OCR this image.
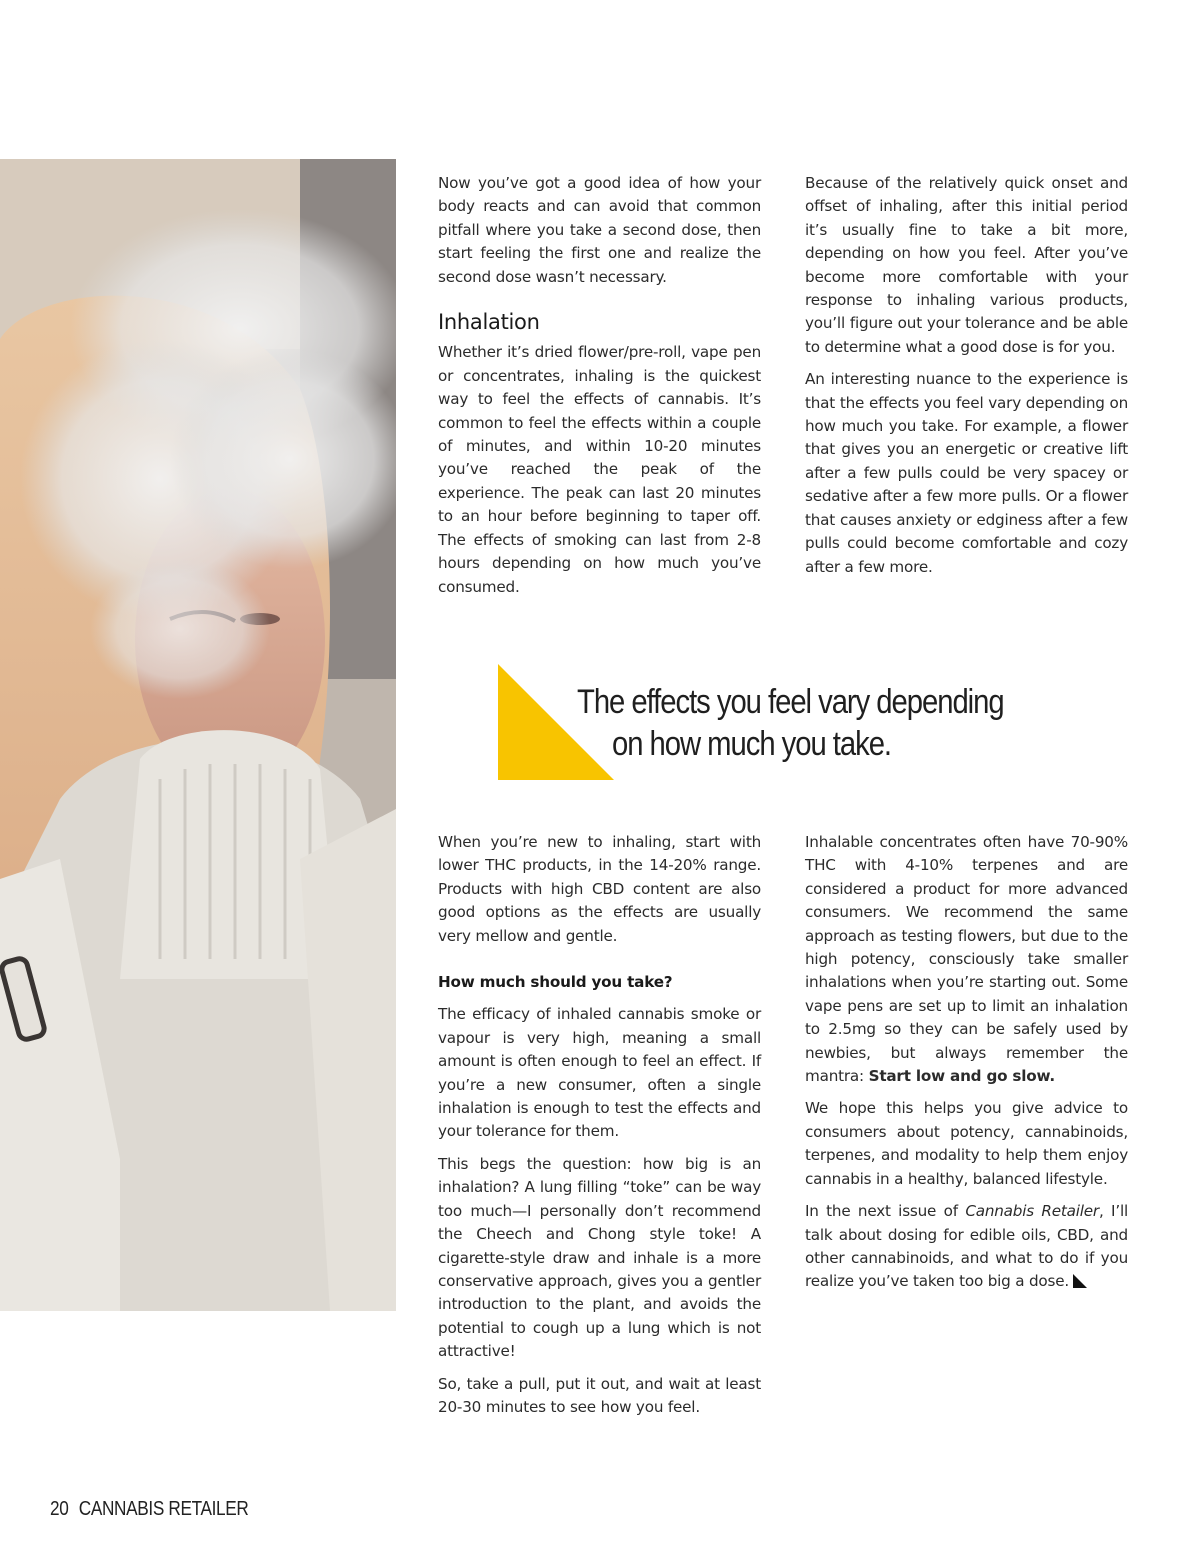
Now you’ve got a good idea of how your body reacts and can avoid that common pitfall where you take a second dose, then start feeling the first one and realize the second dose wasn’t necessary.

Inhalation

Whether it’s dried flower/pre-roll, vape pen or concentrates, inhaling is the quickest way to feel the effects of cannabis. It’s common to feel the effects within a couple of minutes, and within 10-20 minutes you’ve reached the peak of the experience. The peak can last 20 minutes to an hour before beginning to taper off. The effects of smoking can last from 2-8 hours depending on how much you’ve consumed.

Because of the relatively quick onset and offset of inhaling, after this initial period it’s usually fine to take a bit more, depending on how you feel. After you’ve become more comfortable with your response to inhaling various products, you’ll figure out your tolerance and be able to determine what a good dose is for you.

An interesting nuance to the experience is that the effects you feel vary depending on how much you take. For example, a flower that gives you an energetic or creative lift after a few pulls could be very spacey or sedative after a few more pulls. Or a flower that causes anxiety or edginess after a few pulls could become comfortable and cozy after a few more.

The effects you feel vary depending
on how much you take.

When you’re new to inhaling, start with lower THC products, in the 14-20% range. Products with high CBD content are also good options as the effects are usually very mellow and gentle.

How much should you take?

The efficacy of inhaled cannabis smoke or vapour is very high, meaning a small amount is often enough to feel an effect. If you’re a new consumer, often a single inhalation is enough to test the effects and your tolerance for them.

This begs the question: how big is an inhalation? A lung filling “toke” can be way too much—I personally don’t recommend the Cheech and Chong style toke! A cigarette-style draw and inhale is a more conservative approach, gives you a gentler introduction to the plant, and avoids the potential to cough up a lung which is not attractive!

So, take a pull, put it out, and wait at least 20-30 minutes to see how you feel.

Inhalable concentrates often have 70-90% THC with 4-10% terpenes and are considered a product for more advanced consumers. We recommend the same approach as testing flowers, but due to the high potency, consciously take smaller inhalations when you’re starting out. Some vape pens are set up to limit an inhalation to 2.5mg so they can be safely used by newbies, but always remember the mantra: Start low and go slow.

We hope this helps you give advice to consumers about potency, cannabinoids, terpenes, and modality to help them enjoy cannabis in a healthy, balanced lifestyle.

In the next issue of Cannabis Retailer, I’ll talk about dosing for edible oils, CBD, and other cannabinoids, and what to do if you realize you’ve taken too big a dose.

20 CANNABIS RETAILER
